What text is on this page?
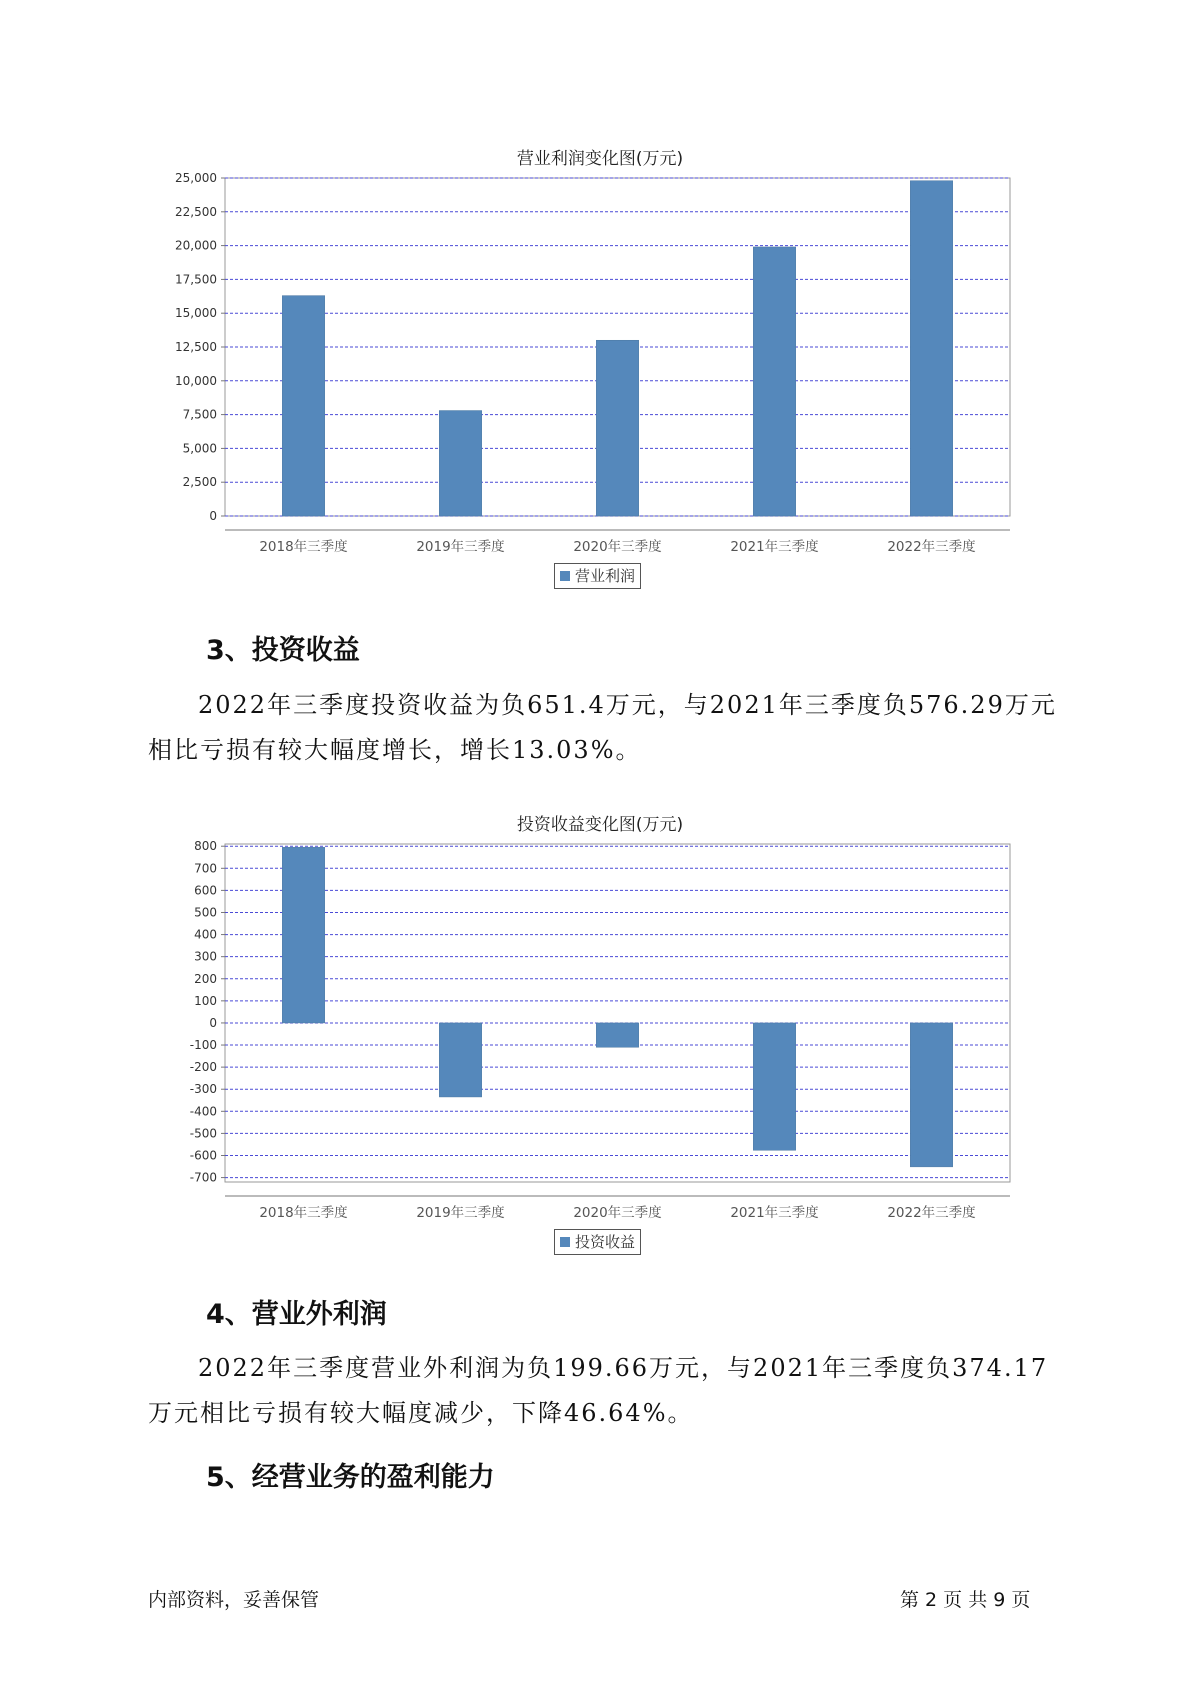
营业利润变化图(万元)
0
2,500
5,000
7,500
10,000
12,500
15,000
17,500
20,000
22,500
25,000
2018年三季度	2019年三季度	2020年三季度	2021年三季度	2022年三季度
营业利润
3、投资收益
2022年三季度投资收益为负651.4万元，与2021年三季度负576.29万元相比亏损有较大幅度增长，增长13.03%。
投资收益变化图(万元)
-700
-600
-500
-400
-300
-200
-100
0
100
200
300
400
500
600
700
800
2018年三季度	2019年三季度	2020年三季度	2021年三季度	2022年三季度
投资收益
4、营业外利润
2022年三季度营业外利润为负199.66万元，与2021年三季度负374.17万元相比亏损有较大幅度减少，下降46.64%。
5、经营业务的盈利能力
内部资料，妥善保管	第 2 页 共 9 页
